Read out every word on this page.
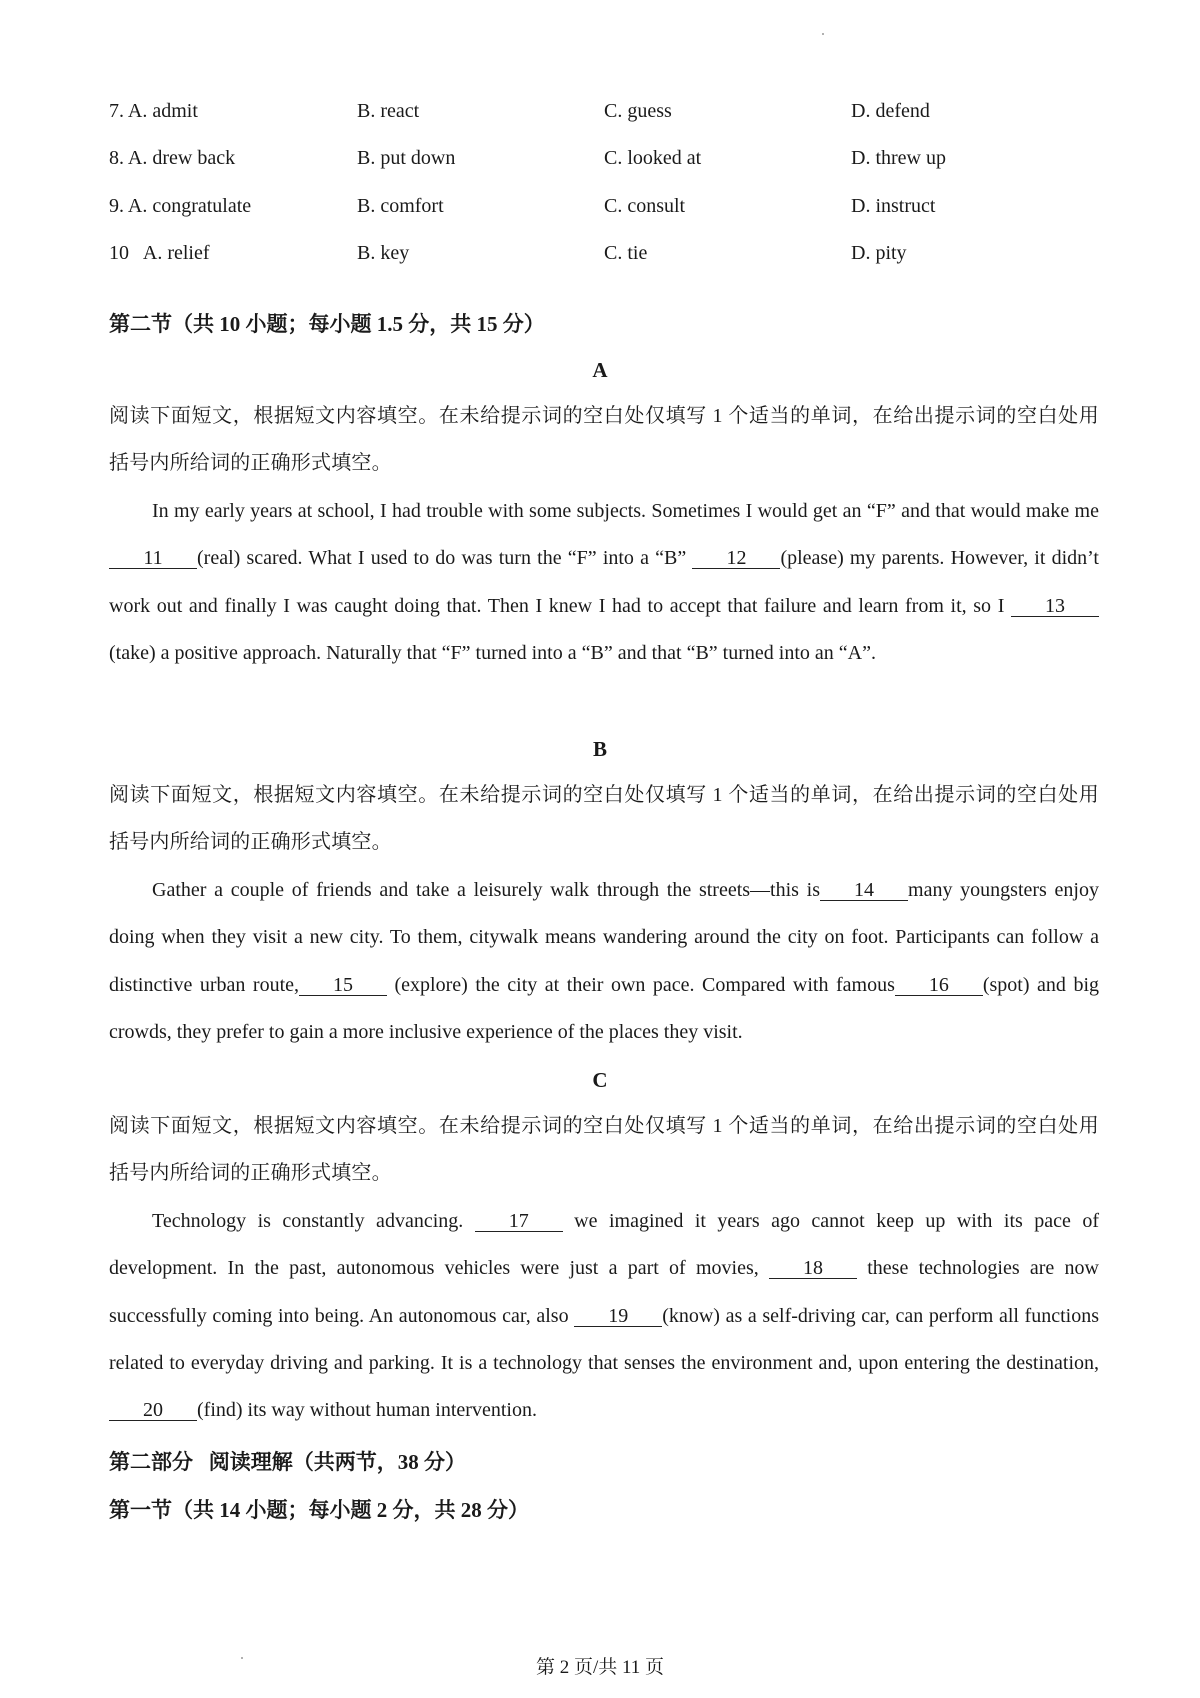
7. A. admit	B. react	C. guess	D. defend
8. A. drew back	B. put down	C. looked at	D. threw up
9. A. congratulate	B. comfort	C. consult	D. instruct
10   A. relief	B. key	C. tie	D. pity
第二节（共 10 小题；每小题 1.5 分，共 15 分）
A
阅读下面短文，根据短文内容填空。在未给提示词的空白处仅填写 1 个适当的单词，在给出提示词的空白处用括号内所给词的正确形式填空。
In my early years at school, I had trouble with some subjects. Sometimes I would get an “F” and that would make me 11 (real) scared. What I used to do was turn the “F” into a “B” 12 (please) my parents. However, it didn’t work out and finally I was caught doing that. Then I knew I had to accept that failure and learn from it, so I 13(take) a positive approach. Naturally that “F” turned into a “B” and that “B” turned into an “A”.
B
阅读下面短文，根据短文内容填空。在未给提示词的空白处仅填写 1 个适当的单词，在给出提示词的空白处用括号内所给词的正确形式填空。
Gather a couple of friends and take a leisurely walk through the streets—this is 14 many youngsters enjoy doing when they visit a new city. To them, citywalk means wandering around the city on foot. Participants can follow a distinctive urban route, 15 (explore) the city at their own pace. Compared with famous 16 (spot) and big crowds, they prefer to gain a more inclusive experience of the places they visit.
C
阅读下面短文，根据短文内容填空。在未给提示词的空白处仅填写 1 个适当的单词，在给出提示词的空白处用括号内所给词的正确形式填空。
Technology is constantly advancing. 17 we imagined it years ago cannot keep up with its pace of development. In the past, autonomous vehicles were just a part of movies, 18 these technologies are now successfully coming into being. An autonomous car, also 19 (know) as a self-driving car, can perform all functions related to everyday driving and parking. It is a technology that senses the environment and, upon entering the destination, 20 (find) its way without human intervention.
第二部分   阅读理解（共两节，38 分）
第一节（共 14 小题；每小题 2 分，共 28 分）
第 2 页/共 11 页
